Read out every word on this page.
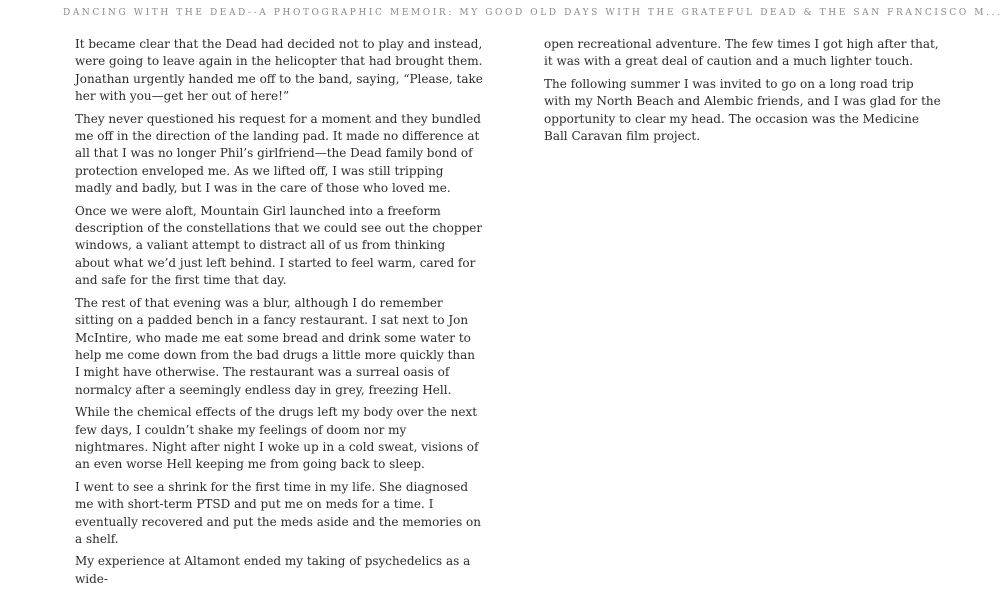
DANCING WITH THE DEAD--A PHOTOGRAPHIC MEMOIR: MY GOOD OLD DAYS WITH THE GRATEFUL DEAD & THE SAN FRANCISCO M...

It became clear that the Dead had decided not to play and instead, were going to leave again in the helicopter that had brought them. Jonathan urgently handed me off to the band, saying, “Please, take her with you—get her out of here!”

They never questioned his request for a moment and they bundled me off in the direction of the landing pad. It made no difference at all that I was no longer Phil’s girlfriend—the Dead family bond of protection enveloped me. As we lifted off, I was still tripping madly and badly, but I was in the care of those who loved me.

Once we were aloft, Mountain Girl launched into a freeform description of the constellations that we could see out the chopper windows, a valiant attempt to distract all of us from thinking about what we’d just left behind. I started to feel warm, cared for and safe for the first time that day.

The rest of that evening was a blur, although I do remember sitting on a padded bench in a fancy restaurant. I sat next to Jon McIntire, who made me eat some bread and drink some water to help me come down from the bad drugs a little more quickly than I might have otherwise. The restaurant was a surreal oasis of normalcy after a seemingly endless day in grey, freezing Hell.

While the chemical effects of the drugs left my body over the next few days, I couldn’t shake my feelings of doom nor my nightmares. Night after night I woke up in a cold sweat, visions of an even worse Hell keeping me from going back to sleep.

I went to see a shrink for the first time in my life. She diagnosed me with short-term PTSD and put me on meds for a time. I eventually recovered and put the meds aside and the memories on a shelf.

My experience at Altamont ended my taking of psychedelics as a wide-

open recreational adventure. The few times I got high after that, it was with a great deal of caution and a much lighter touch.

The following summer I was invited to go on a long road trip with my North Beach and Alembic friends, and I was glad for the opportunity to clear my head. The occasion was the Medicine Ball Caravan film project.
